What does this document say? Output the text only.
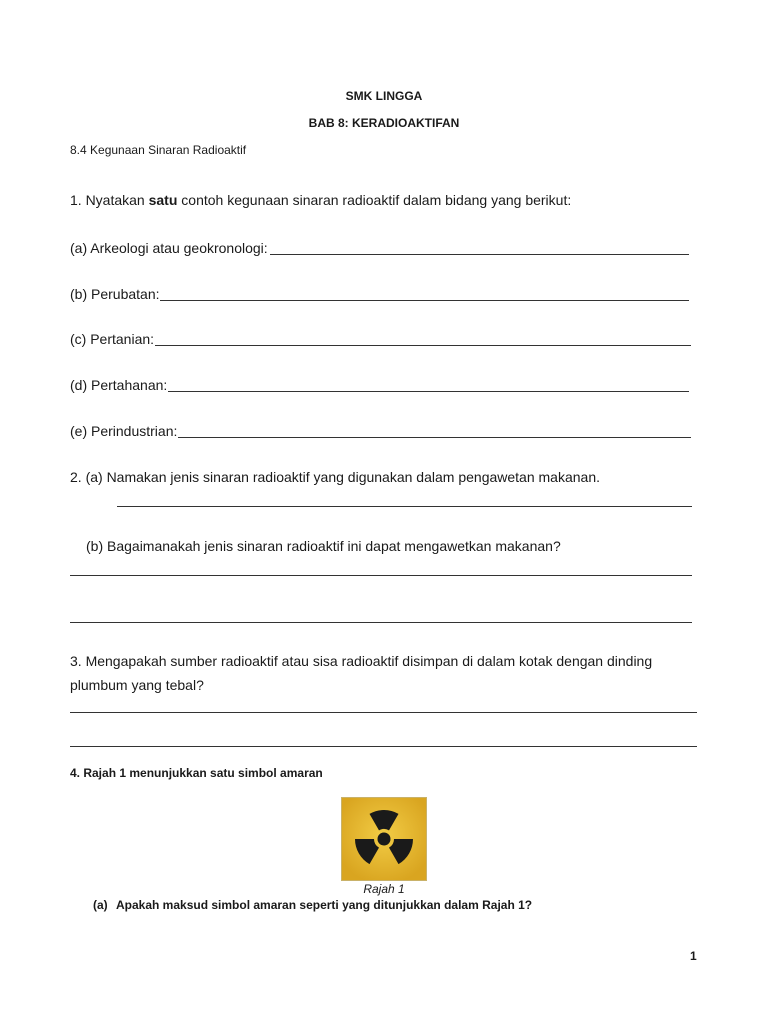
SMK LINGGA
BAB 8: KERADIOAKTIFAN
8.4 Kegunaan Sinaran Radioaktif
1. Nyatakan satu contoh kegunaan sinaran radioaktif dalam bidang yang berikut:
(a) Arkeologi atau geokronologi:
(b) Perubatan:
(c) Pertanian:
(d) Pertahanan:
(e) Perindustrian:
2. (a) Namakan jenis sinaran radioaktif yang digunakan dalam pengawetan makanan.
(b) Bagaimanakah jenis sinaran radioaktif ini dapat mengawetkan makanan?
3. Mengapakah sumber radioaktif atau sisa radioaktif disimpan di dalam kotak dengan dinding
plumbum yang tebal?
4. Rajah 1 menunjukkan satu simbol amaran
Rajah 1
(a) Apakah maksud simbol amaran seperti yang ditunjukkan dalam Rajah 1?
1
